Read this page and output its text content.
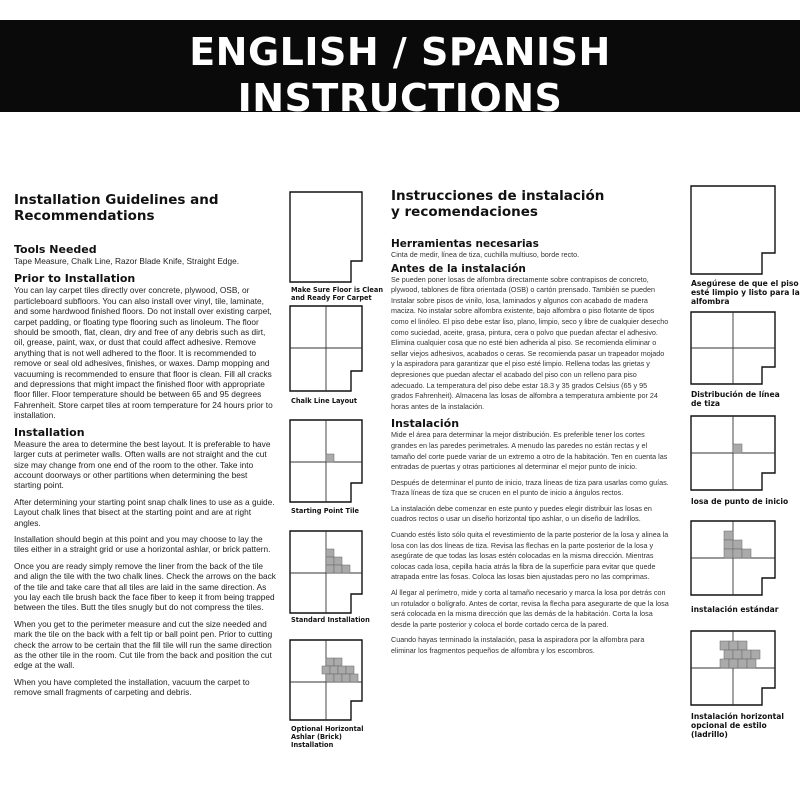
ENGLISH / SPANISH
INSTRUCTIONS
Installation Guidelines and
Recommendations
Tools Needed
Tape Measure, Chalk Line, Razor Blade Knife, Straight Edge.
Prior to Installation
You can lay carpet tiles directly over concrete, plywood, OSB, or particleboard subfloors. You can also install over vinyl, tile, laminate, and some hardwood finished floors. Do not install over existing carpet, carpet padding, or floating type flooring such as linoleum. The floor should be smooth, flat, clean, dry and free of any debris such as dirt, oil, grease, paint, wax, or dust that could affect adhesive. Remove anything that is not well adhered to the floor. It is recommended to remove or seal old adhesives, finishes, or waxes. Damp mopping and vacuuming is recommended to ensure that floor is clean. Fill all cracks and depressions that might impact the finished floor with appropriate floor filler. Floor temperature should be between 65 and 95 degrees Fahrenheit. Store carpet tiles at room temperature for 24 hours prior to installation.
Installation
Measure the area to determine the best layout. It is preferable to have larger cuts at perimeter walls. Often walls are not straight and the cut size may change from one end of the room to the other. Take into account doorways or other partitions when determining the best starting point.
After determining your starting point snap chalk lines to use as a guide. Layout chalk lines that bisect at the starting point and are at right angles.
Installation should begin at this point and you may choose to lay the tiles either in a straight grid or use a horizontal ashlar, or brick pattern.
Once you are ready simply remove the liner from the back of the tile and align the tile with the two chalk lines. Check the arrows on the back of the tile and take care that all tiles are laid in the same direction. As you lay each tile brush back the face fiber to keep it from being trapped between the tiles. Butt the tiles snugly but do not compress the tiles.
When you get to the perimeter measure and cut the size needed and mark the tile on the back with a felt tip or ball point pen. Prior to cutting check the arrow to be certain that the fill tile will run the same direction as the other tile in the room. Cut tile from the back and position the cut edge at the wall.
When you have completed the installation, vacuum the carpet to remove small fragments of carpeting and debris.
Instrucciones de instalación
y recomendaciones
Herramientas necesarias
Cinta de medir, línea de tiza, cuchilla multiuso, borde recto.
Antes de la instalación
Se pueden poner losas de alfombra directamente sobre contrapisos de concreto, plywood, tablones de fibra orientada (OSB) o cartón prensado. También se pueden Instalar sobre pisos de vinilo, losa, laminados y algunos con acabado de madera maciza. No instalar sobre alfombra existente, bajo alfombra o piso flotante de tipos como el linóleo. El piso debe estar liso, plano, limpio, seco y libre de cualquier desecho como suciedad, aceite, grasa, pintura, cera o polvo que puedan afectar el adhesivo. Elimina cualquier cosa que no esté bien adherida al piso. Se recomienda eliminar o sellar viejos adhesivos, acabados o ceras. Se recomienda pasar un trapeador mojado y la aspiradora para garantizar que el piso esté limpio. Rellena todas las grietas y depresiones que puedan afectar el acabado del piso con un relleno para piso adecuado. La temperatura del piso debe estar 18.3 y 35 grados Celsius (65 y 95 grados Fahrenheit). Almacena las losas de alfombra a temperatura ambiente por 24 horas antes de la instalación.
Instalación
Mide el área para determinar la mejor distribución. Es preferible tener los cortes grandes en las paredes perimetrales. A menudo las paredes no están rectas y el tamaño del corte puede variar de un extremo a otro de la habitación. Ten en cuenta las entradas de puertas y otras particiones al determinar el mejor punto de inicio.
Después de determinar el punto de inicio, traza líneas de tiza para usarlas como guías. Traza líneas de tiza que se crucen en el punto de inicio a ángulos rectos.
La instalación debe comenzar en este punto y puedes elegir distribuir las losas en cuadros rectos o usar un diseño horizontal tipo ashlar, o un diseño de ladrillos.
Cuando estés listo sólo quita el revestimiento de la parte posterior de la losa y alinea la losa con las dos líneas de tiza. Revisa las flechas en la parte posterior de la losa y asegúrate de que todas las losas estén colocadas en la misma dirección. Mientras colocas cada losa, cepilla hacia atrás la fibra de la superficie para evitar que quede atrapada entre las fosas. Coloca las losas bien ajustadas pero no las comprimas.
Al llegar al perímetro, mide y corta al tamaño necesario y marca la losa por detrás con un rotulador o bolígrafo. Antes de cortar, revisa la flecha para asegurarte de que la losa será colocada en la misma dirección que las demás de la habitación. Corta la losa desde la parte posterior y coloca el borde cortado cerca de la pared.
Cuando hayas terminado la instalación, pasa la aspiradora por la alfombra para eliminar los fragmentos pequeños de alfombra y los escombros.
Make Sure Floor is Clean
and Ready For Carpet
Chalk Line Layout
Starting Point Tile
Standard Installation
Optional Horizontal
Ashlar (Brick)
Installation
Asegúrese de que el piso
esté limpio y listo para la
alfombra
Distribución de línea
de tiza
losa de punto de inicio
instalación estándar
Instalación horizontal
opcional de estilo
(ladrillo)
